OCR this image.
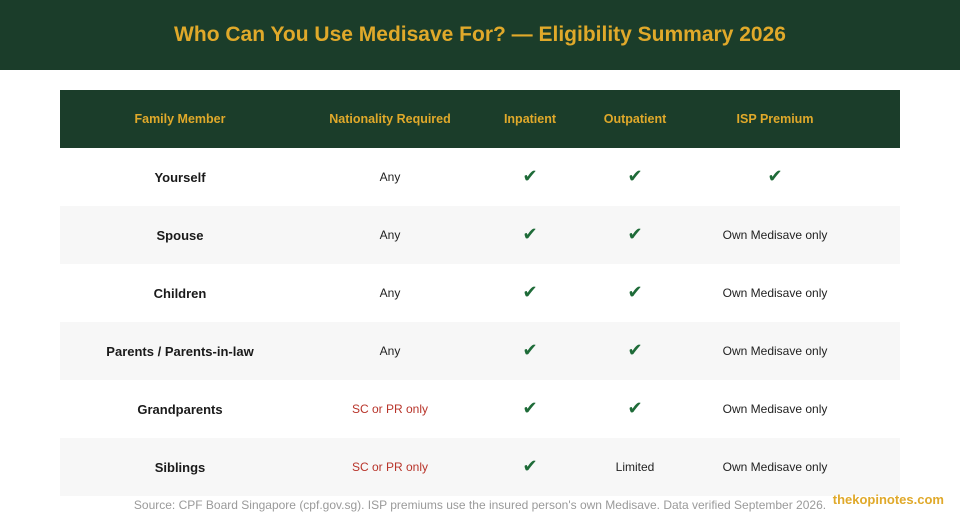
Who Can You Use Medisave For? — Eligibility Summary 2026
Family Member	Nationality Required	Inpatient	Outpatient	ISP Premium
Yourself	Any	✔	✔	✔
Spouse	Any	✔	✔	Own Medisave only
Children	Any	✔	✔	Own Medisave only
Parents / Parents-in-law	Any	✔	✔	Own Medisave only
Grandparents	SC or PR only	✔	✔	Own Medisave only
Siblings	SC or PR only	✔	Limited	Own Medisave only
Source: CPF Board Singapore (cpf.gov.sg). ISP premiums use the insured person's own Medisave. Data verified September 2026. thekopinotes.com
